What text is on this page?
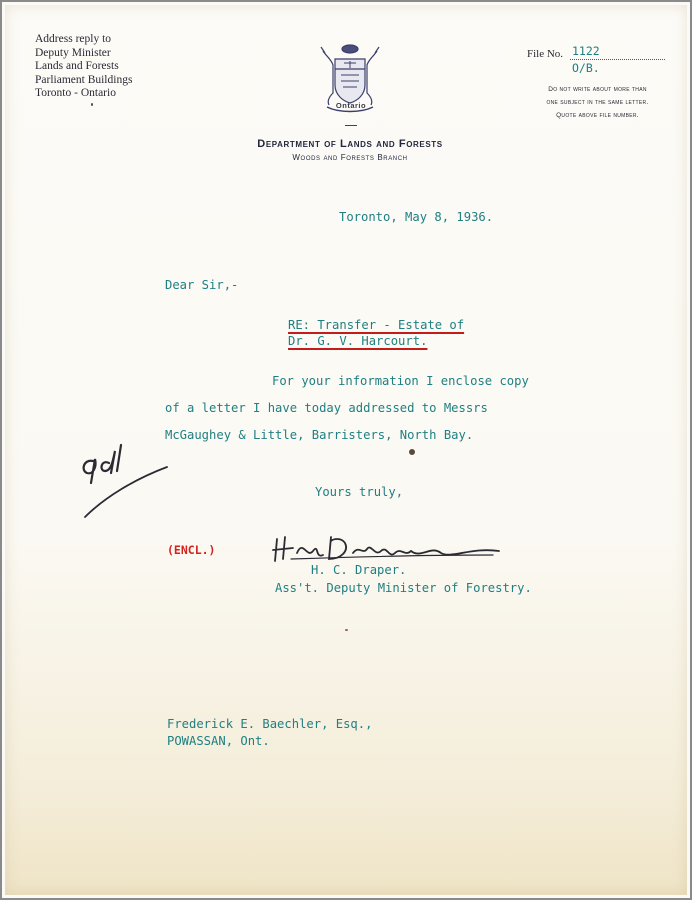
Address reply to
Deputy Minister
Lands and Forests
Parliament Buildings
Toronto - Ontario
Ontario
Department of Lands and Forests
Woods and Forests Branch
File No. 1122
O/B.
Do not write about more than
one subject in the same letter.
Quote above file number.
Toronto, May 8, 1936.
Dear Sir,-
RE: Transfer - Estate of
Dr. G. V. Harcourt.
For your information I enclose copy
of a letter I have today addressed to Messrs
McGaughey & Little, Barristers, North Bay.
Yours truly,
(ENCL.)
H. C. Draper.
Ass't. Deputy Minister of Forestry.
Frederick E. Baechler, Esq.,
POWASSAN, Ont.
